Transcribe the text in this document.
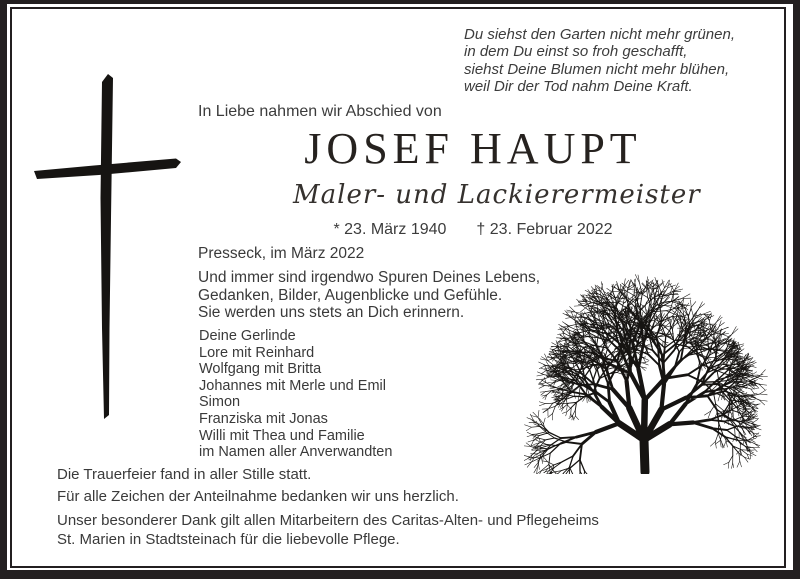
Du siehst den Garten nicht mehr grünen,
in dem Du einst so froh geschafft,
siehst Deine Blumen nicht mehr blühen,
weil Dir der Tod nahm Deine Kraft.
In Liebe nahmen wir Abschied von
JOSEF HAUPT
Maler- und Lackierermeister
* 23. März 1940 † 23. Februar 2022
Presseck, im März 2022
Und immer sind irgendwo Spuren Deines Lebens,
Gedanken, Bilder, Augenblicke und Gefühle.
Sie werden uns stets an Dich erinnern.
Deine Gerlinde
Lore mit Reinhard
Wolfgang mit Britta
Johannes mit Merle und Emil
Simon
Franziska mit Jonas
Willi mit Thea und Familie
im Namen aller Anverwandten
Die Trauerfeier fand in aller Stille statt.
Für alle Zeichen der Anteilnahme bedanken wir uns herzlich.
Unser besonderer Dank gilt allen Mitarbeitern des Caritas-Alten- und Pflegeheims
St. Marien in Stadtsteinach für die liebevolle Pflege.
